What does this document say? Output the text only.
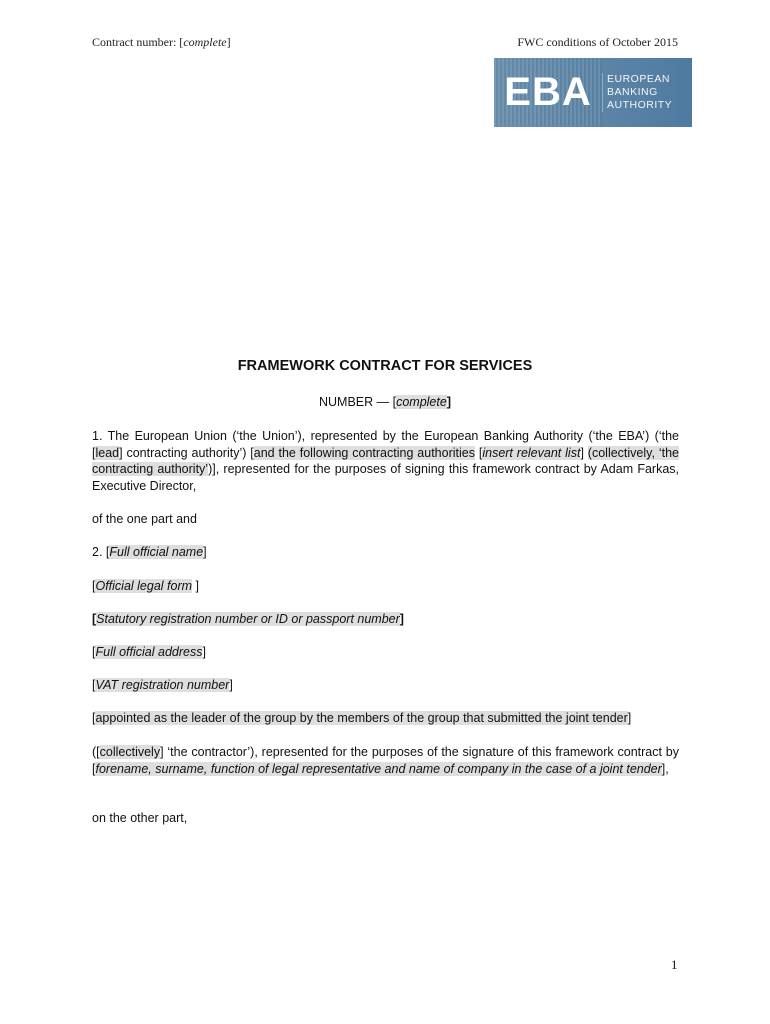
Contract number: [complete]	FWC conditions of October 2015
EBA	EUROPEAN
BANKING
AUTHORITY
FRAMEWORK CONTRACT FOR SERVICES
NUMBER — [complete]
1. The European Union (‘the Union’), represented by the European Banking Authority (‘the EBA’) (‘the [lead] contracting authority’) [and the following contracting authorities [insert relevant list] (collectively, ‘the contracting authority’)], represented for the purposes of signing this framework contract by Adam Farkas, Executive Director,
of the one part and
2. [Full official name]
[Official legal form ]
[Statutory registration number or ID or passport number]
[Full official address]
[VAT registration number]
[appointed as the leader of the group by the members of the group that submitted the joint tender]
([collectively] ‘the contractor’), represented for the purposes of the signature of this framework contract by [forename, surname, function of legal representative and name of company in the case of a joint tender],
on the other part,
1
